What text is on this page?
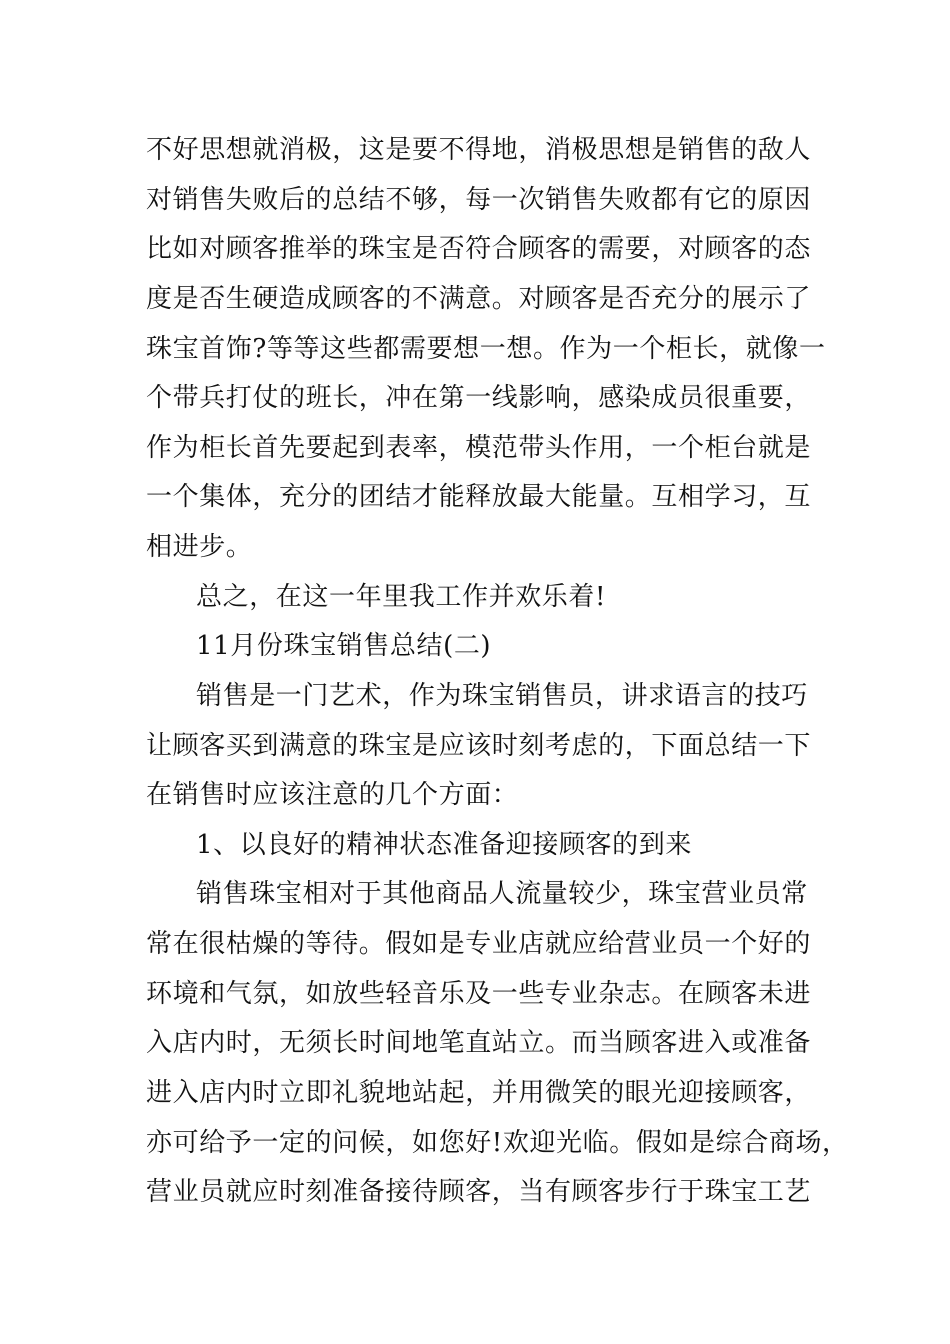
不好思想就消极，这是要不得地，消极思想是销售的敌人
对销售失败后的总结不够，每一次销售失败都有它的原因
比如对顾客推举的珠宝是否符合顾客的需要，对顾客的态
度是否生硬造成顾客的不满意。对顾客是否充分的展示了
珠宝首饰?等等这些都需要想一想。作为一个柜长，就像一
个带兵打仗的班长，冲在第一线影响，感染成员很重要，
作为柜长首先要起到表率，模范带头作用，一个柜台就是
一个集体，充分的团结才能释放最大能量。互相学习，互
相进步。
总之，在这一年里我工作并欢乐着!
11月份珠宝销售总结(二)
销售是一门艺术，作为珠宝销售员，讲求语言的技巧
让顾客买到满意的珠宝是应该时刻考虑的，下面总结一下
在销售时应该注意的几个方面：
1、以良好的精神状态准备迎接顾客的到来
销售珠宝相对于其他商品人流量较少，珠宝营业员常
常在很枯燥的等待。假如是专业店就应给营业员一个好的
环境和气氛，如放些轻音乐及一些专业杂志。在顾客未进
入店内时，无须长时间地笔直站立。而当顾客进入或准备
进入店内时立即礼貌地站起，并用微笑的眼光迎接顾客，
亦可给予一定的问候，如您好!欢迎光临。假如是综合商场，
营业员就应时刻准备接待顾客，当有顾客步行于珠宝工艺
